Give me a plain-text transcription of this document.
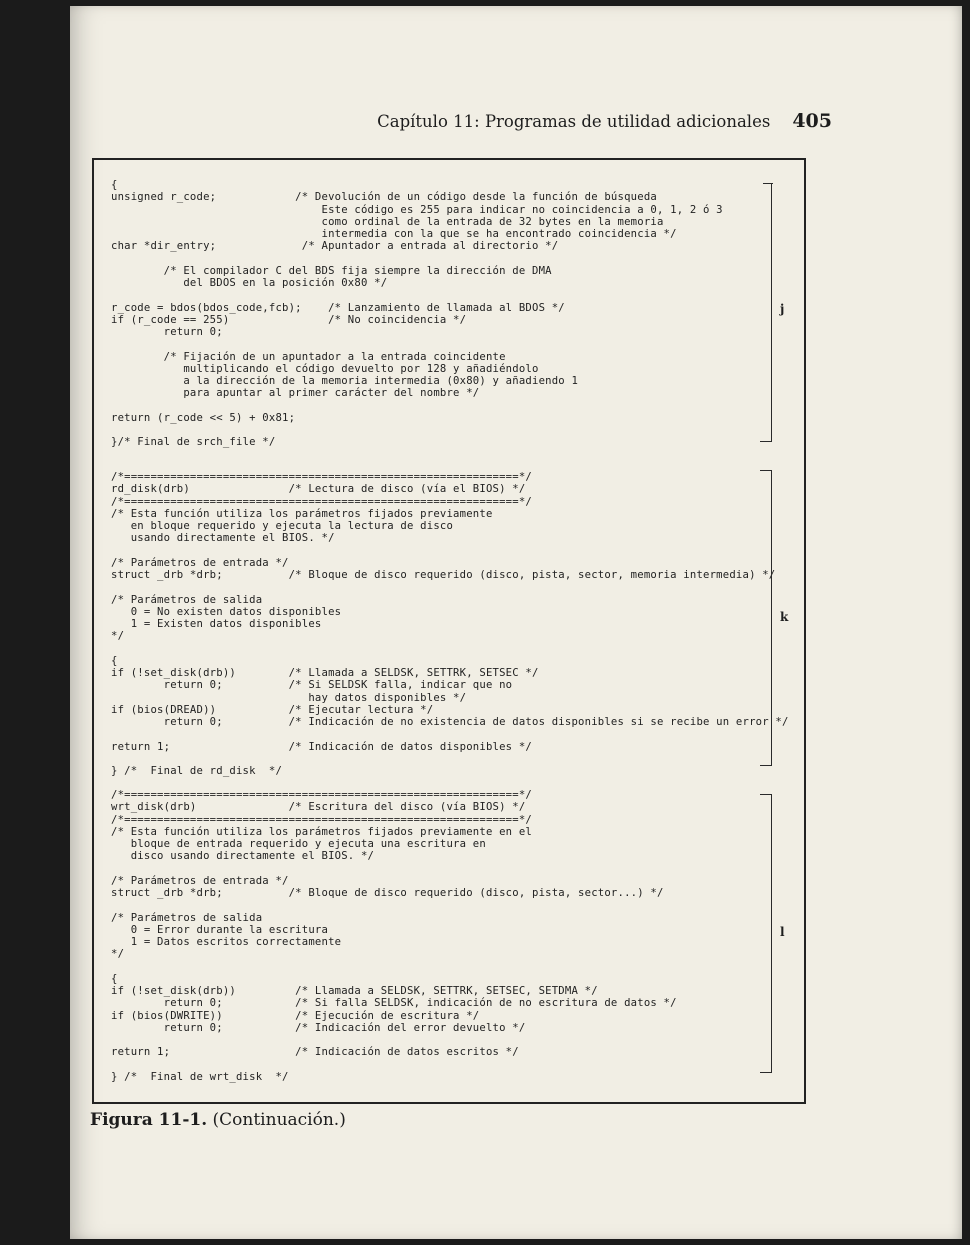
Capítulo 11: Programas de utilidad adicionales 405
{
unsigned r_code;            /* Devolución de un código desde la función de búsqueda
Este código es 255 para indicar no coincidencia a 0, 1, 2 ó 3
como ordinal de la entrada de 32 bytes en la memoria
intermedia con la que se ha encontrado coincidencia */
char *dir_entry;             /* Apuntador a entrada al directorio */

/* El compilador C del BDS fija siempre la dirección de DMA
del BDOS en la posición 0x80 */

r_code = bdos(bdos_code,fcb);    /* Lanzamiento de llamada al BDOS */
if (r_code == 255)               /* No coincidencia */
return 0;

/* Fijación de un apuntador a la entrada coincidente
multiplicando el código devuelto por 128 y añadiéndolo
a la dirección de la memoria intermedia (0x80) y añadiendo 1
para apuntar al primer carácter del nombre */

return (r_code << 5) + 0x81;

}/* Final de srch_file */
/*============================================================*/
rd_disk(drb)               /* Lectura de disco (vía el BIOS) */
/*============================================================*/
/* Esta función utiliza los parámetros fijados previamente
en bloque requerido y ejecuta la lectura de disco
usando directamente el BIOS. */

/* Parámetros de entrada */
struct _drb *drb;          /* Bloque de disco requerido (disco, pista, sector, memoria intermedia) */

/* Parámetros de salida
0 = No existen datos disponibles
1 = Existen datos disponibles
*/

{
if (!set_disk(drb))        /* Llamada a SELDSK, SETTRK, SETSEC */
return 0;          /* Si SELDSK falla, indicar que no
hay datos disponibles */
if (bios(DREAD))           /* Ejecutar lectura */
return 0;          /* Indicación de no existencia de datos disponibles si se recibe un error */

return 1;                  /* Indicación de datos disponibles */

} /*  Final de rd_disk  */
/*============================================================*/
wrt_disk(drb)              /* Escritura del disco (vía BIOS) */
/*============================================================*/
/* Esta función utiliza los parámetros fijados previamente en el
bloque de entrada requerido y ejecuta una escritura en
disco usando directamente el BIOS. */

/* Parámetros de entrada */
struct _drb *drb;          /* Bloque de disco requerido (disco, pista, sector...) */

/* Parámetros de salida
0 = Error durante la escritura
1 = Datos escritos correctamente
*/

{
if (!set_disk(drb))         /* Llamada a SELDSK, SETTRK, SETSEC, SETDMA */
return 0;           /* Si falla SELDSK, indicación de no escritura de datos */
if (bios(DWRITE))           /* Ejecución de escritura */
return 0;           /* Indicación del error devuelto */

return 1;                   /* Indicación de datos escritos */

} /*  Final de wrt_disk  */
j
k
l
Figura 11-1. (Continuación.)
